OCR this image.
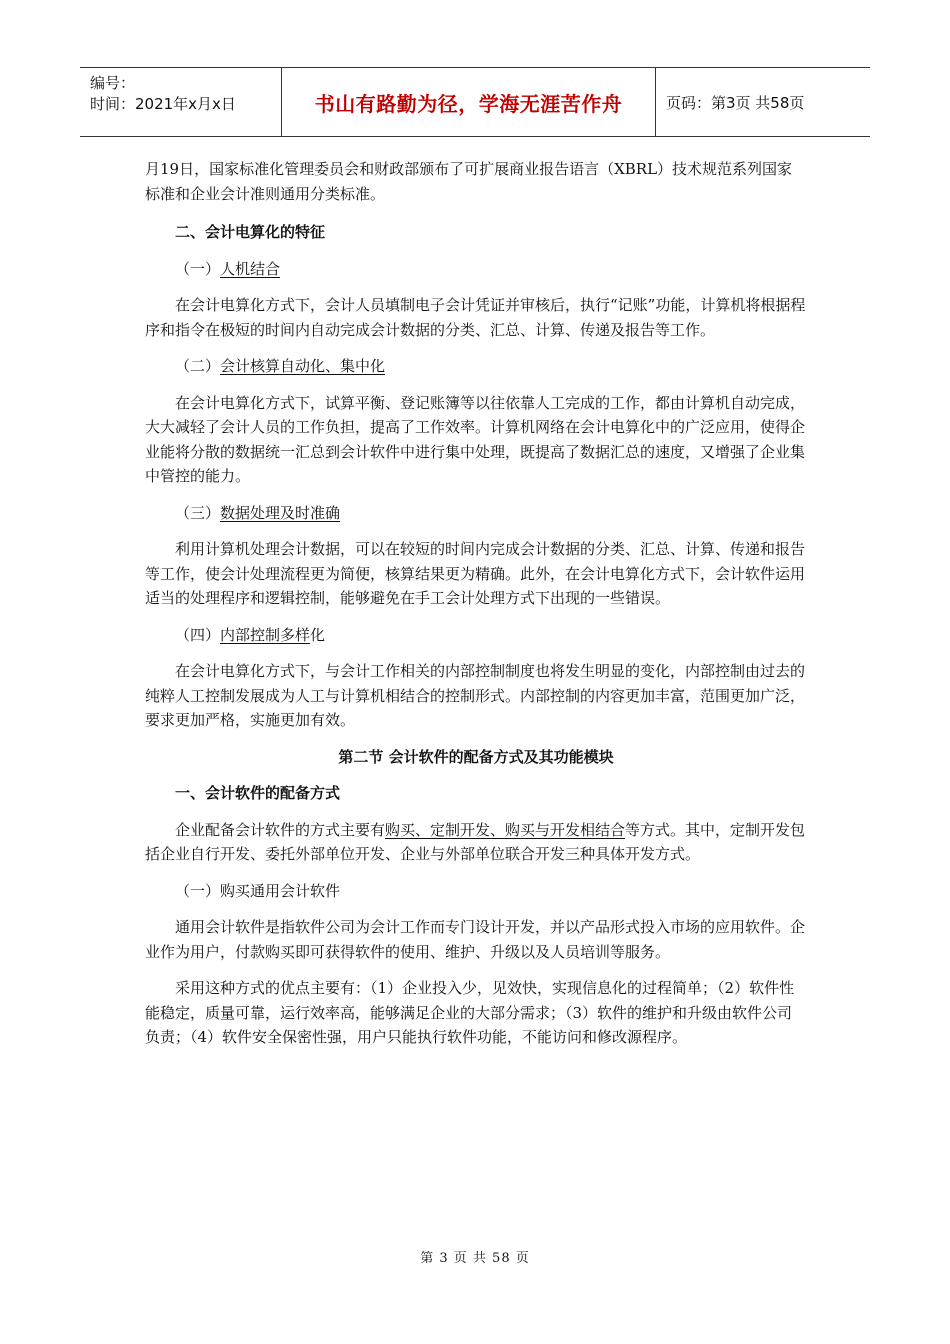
编号：
时间：2021年x月x日	书山有路勤为径，学海无涯苦作舟	页码：第3页 共58页

月19日，国家标准化管理委员会和财政部颁布了可扩展商业报告语言（XBRL）技术规范系列国家标准和企业会计准则通用分类标准。

二、会计电算化的特征

（一）人机结合

在会计电算化方式下，会计人员填制电子会计凭证并审核后，执行“记账”功能，计算机将根据程序和指令在极短的时间内自动完成会计数据的分类、汇总、计算、传递及报告等工作。

（二）会计核算自动化、集中化

在会计电算化方式下，试算平衡、登记账簿等以往依靠人工完成的工作，都由计算机自动完成，大大减轻了会计人员的工作负担，提高了工作效率。计算机网络在会计电算化中的广泛应用，使得企业能将分散的数据统一汇总到会计软件中进行集中处理，既提高了数据汇总的速度，又增强了企业集中管控的能力。

（三）数据处理及时准确

利用计算机处理会计数据，可以在较短的时间内完成会计数据的分类、汇总、计算、传递和报告等工作，使会计处理流程更为简便，核算结果更为精确。此外，在会计电算化方式下，会计软件运用适当的处理程序和逻辑控制，能够避免在手工会计处理方式下出现的一些错误。

（四）内部控制多样化

在会计电算化方式下，与会计工作相关的内部控制制度也将发生明显的变化，内部控制由过去的纯粹人工控制发展成为人工与计算机相结合的控制形式。内部控制的内容更加丰富，范围更加广泛，要求更加严格，实施更加有效。

第二节 会计软件的配备方式及其功能模块

一、会计软件的配备方式

企业配备会计软件的方式主要有购买、定制开发、购买与开发相结合等方式。其中，定制开发包括企业自行开发、委托外部单位开发、企业与外部单位联合开发三种具体开发方式。

（一）购买通用会计软件

通用会计软件是指软件公司为会计工作而专门设计开发，并以产品形式投入市场的应用软件。企业作为用户，付款购买即可获得软件的使用、维护、升级以及人员培训等服务。

采用这种方式的优点主要有：（1）企业投入少，见效快，实现信息化的过程简单；（2）软件性能稳定，质量可靠，运行效率高，能够满足企业的大部分需求；（3）软件的维护和升级由软件公司负责；（4）软件安全保密性强，用户只能执行软件功能，不能访问和修改源程序。

第 3 页 共 58 页
